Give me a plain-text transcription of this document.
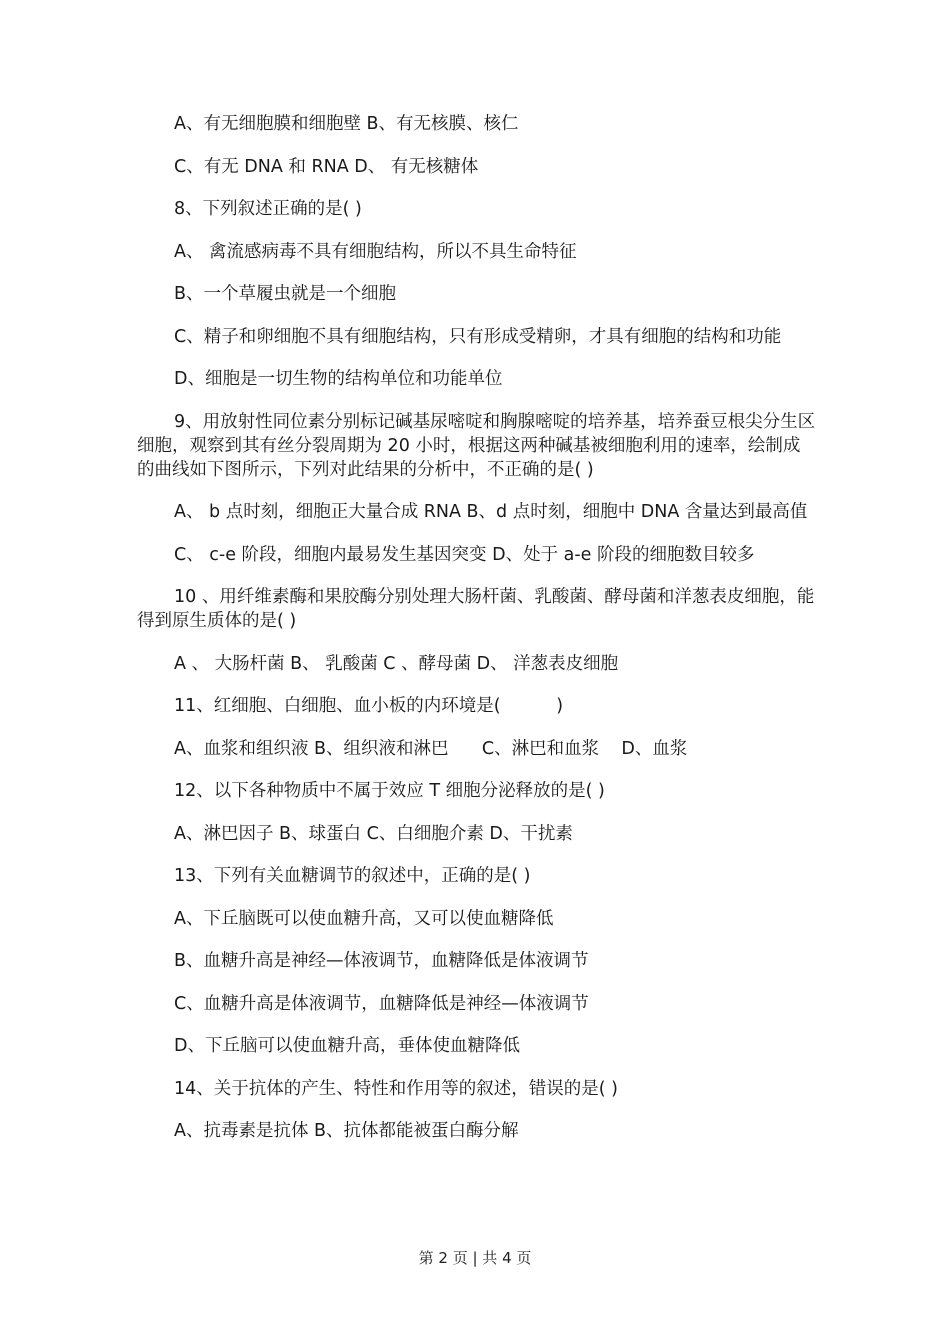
A、有无细胞膜和细胞壁 B、有无核膜、核仁

C、有无 DNA 和 RNA D、 有无核糖体

8、下列叙述正确的是( )

A、 禽流感病毒不具有细胞结构，所以不具生命特征

B、一个草履虫就是一个细胞

C、精子和卵细胞不具有细胞结构，只有形成受精卵，才具有细胞的结构和功能

D、细胞是一切生物的结构单位和功能单位

9、用放射性同位素分别标记碱基尿嘧啶和胸腺嘧啶的培养基，培养蚕豆根尖分生区细胞，观察到其有丝分裂周期为 20 小时，根据这两种碱基被细胞利用的速率，绘制成的曲线如下图所示，下列对此结果的分析中，不正确的是( )

A、 b 点时刻，细胞正大量合成 RNA B、d 点时刻，细胞中 DNA 含量达到最高值

C、 c-e 阶段，细胞内最易发生基因突变 D、处于 a-e 阶段的细胞数目较多

10 、用纤维素酶和果胶酶分别处理大肠杆菌、乳酸菌、酵母菌和洋葱表皮细胞，能得到原生质体的是( )

A 、 大肠杆菌 B、 乳酸菌 C 、酵母菌 D、 洋葱表皮细胞

11、红细胞、白细胞、血小板的内环境是(          )

A、血浆和组织液 B、组织液和淋巴      C、淋巴和血浆    D、血浆

12、以下各种物质中不属于效应 T 细胞分泌释放的是( )

A、淋巴因子 B、球蛋白 C、白细胞介素 D、干扰素

13、下列有关血糖调节的叙述中，正确的是( )

A、下丘脑既可以使血糖升高，又可以使血糖降低

B、血糖升高是神经—体液调节，血糖降低是体液调节

C、血糖升高是体液调节，血糖降低是神经—体液调节

D、下丘脑可以使血糖升高，垂体使血糖降低

14、关于抗体的产生、特性和作用等的叙述，错误的是( )

A、抗毒素是抗体 B、抗体都能被蛋白酶分解

第 2 页 | 共 4 页
